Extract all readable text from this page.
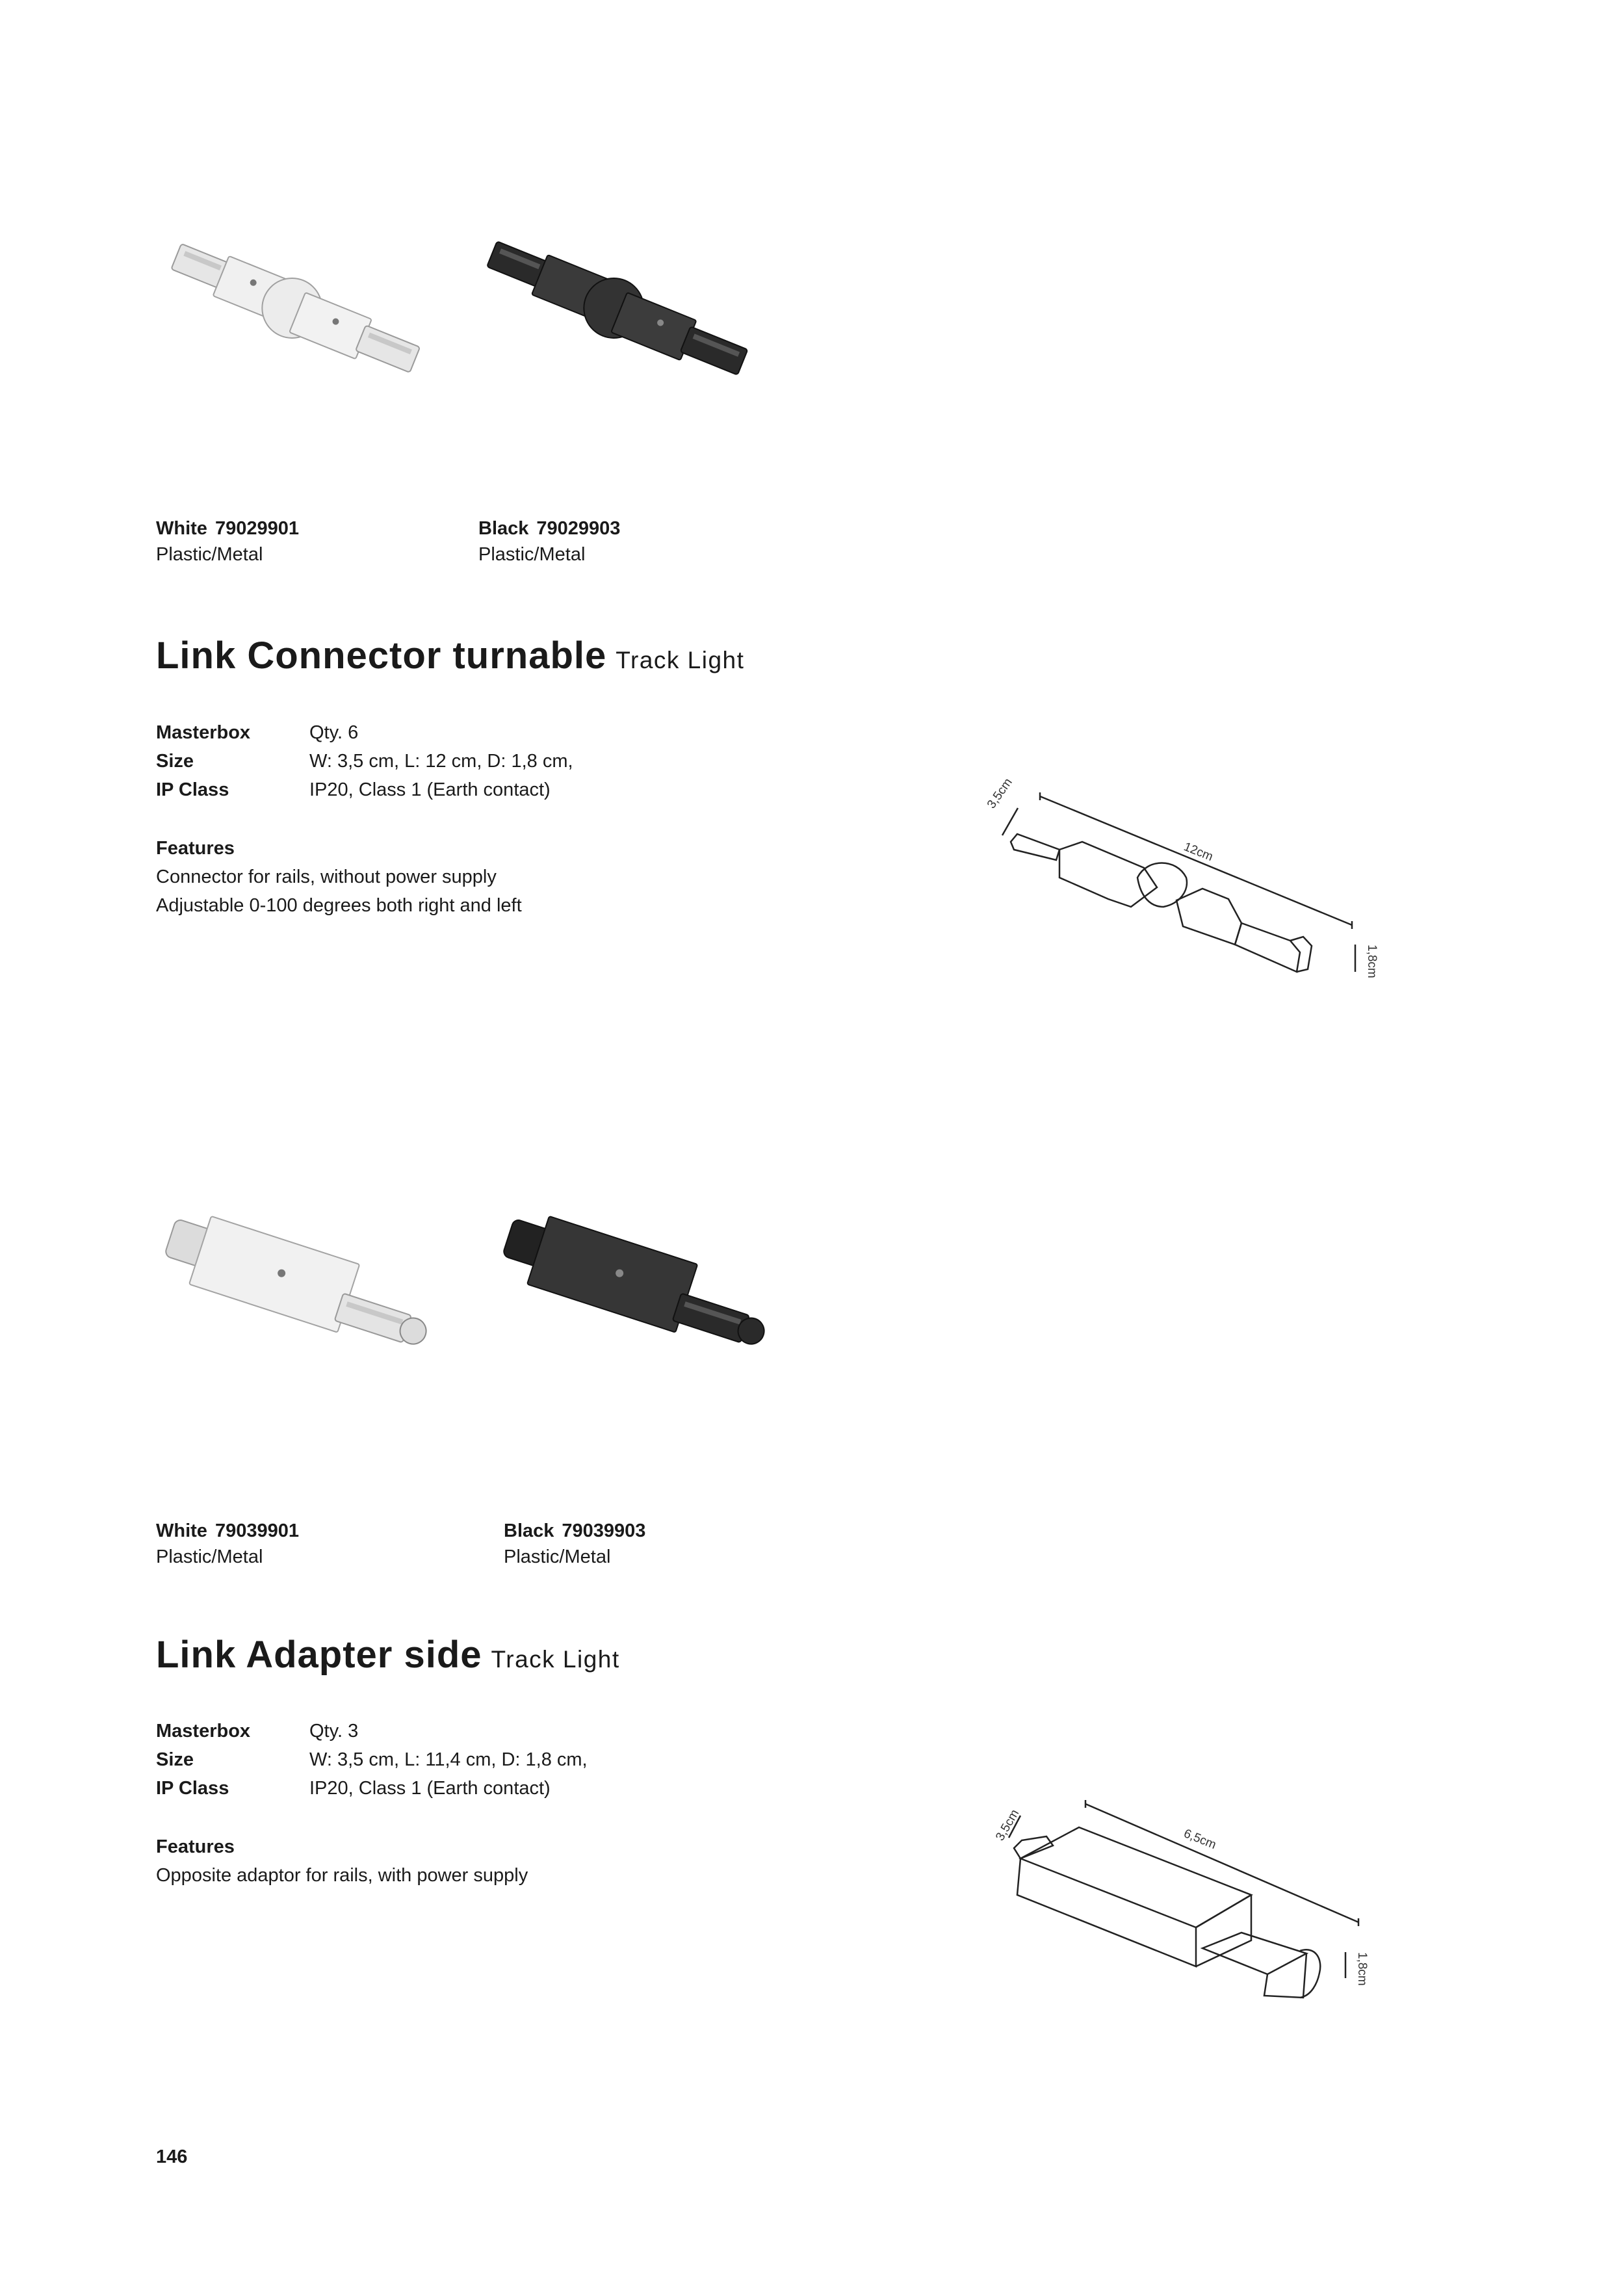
White 79029901
Plastic/Metal
Black 79029903
Plastic/Metal
Link Connector turnable Track Light
Masterbox	Qty. 6
Size	W: 3,5 cm, L: 12 cm, D: 1,8 cm,
IP Class	IP20, Class 1 (Earth contact)
Features
Connector for rails, without power supply
Adjustable 0-100 degrees both right and left
3,5cm
12cm
1,8cm
White 79039901
Plastic/Metal
Black 79039903
Plastic/Metal
Link Adapter side Track Light
Masterbox	Qty. 3
Size	W: 3,5 cm, L: 11,4 cm, D: 1,8 cm,
IP Class	IP20, Class 1 (Earth contact)
Features
Opposite adaptor for rails, with power supply
3,5cm	6,5cm
1,8cm
146
